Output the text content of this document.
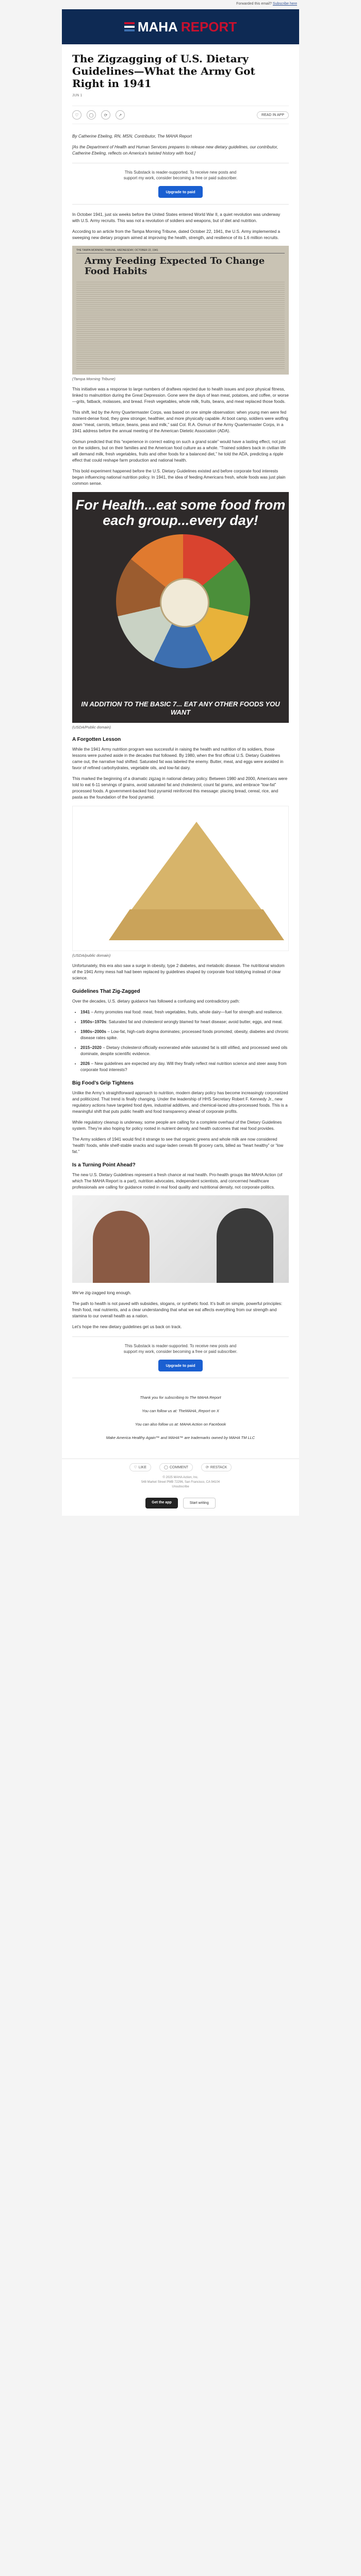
Forwarded this email? Subscribe here
MAHA REPORT
The Zigzagging of U.S. Dietary Guidelines—What the Army Got Right in 1941
JUN 1
♡	◯	⟳	↗	READ IN APP

By Catherine Ebeling, RN, MSN, Contributor, The MAHA Report

[As the Department of Health and Human Services prepares to release new dietary guidelines, our contributor, Catherine Ebeling, reflects on America's twisted history with food.]

This Substack is reader-supported. To receive new posts and support my work, consider becoming a free or paid subscriber.
Upgrade to paid

In October 1941, just six weeks before the United States entered World War II, a quiet revolution was underway with U.S. Army recruits. This was not a revolution of soldiers and weapons, but of diet and nutrition.

According to an article from the Tampa Morning Tribune, dated October 22, 1941, the U.S. Army implemented a sweeping new dietary program aimed at improving the health, strength, and resilience of its 1.6 million recruits.

THE TAMPA MORNING TRIBUNE, WEDNESDAY, OCTOBER 22, 1941
Army Feeding Expected To Change Food Habits
(Tampa Morning Tribune)

This initiative was a response to large numbers of draftees rejected due to health issues and poor physical fitness, linked to malnutrition during the Great Depression. Gone were the days of lean meat, potatoes, and coffee, or worse—grits, fatback, molasses, and bread. Fresh vegetables, whole milk, fruits, beans, and meat replaced those foods.

This shift, led by the Army Quartermaster Corps, was based on one simple observation: when young men were fed nutrient-dense food, they grew stronger, healthier, and more physically capable. At boot camp, soldiers were wolfing down “meat, carrots, lettuce, beans, peas and milk,” said Col. R.A. Osmun of the Army Quartermaster Corps, in a 1941 address before the annual meeting of the American Dietetic Association (ADA).

Osmun predicted that this “experience in correct eating on such a grand scale” would have a lasting effect, not just on the soldiers, but on their families and the American food culture as a whole. “Trained soldiers back in civilian life will demand milk, fresh vegetables, fruits and other foods for a balanced diet,” he told the ADA, predicting a ripple effect that could reshape farm production and national health.

This bold experiment happened before the U.S. Dietary Guidelines existed and before corporate food interests began influencing national nutrition policy. In 1941, the idea of feeding Americans fresh, whole foods was just plain common sense.

For Health...eat some food from each group...every day!
IN ADDITION TO THE BASIC 7... EAT ANY OTHER FOODS YOU WANT
(USDA/Public domain)
A Forgotten Lesson

While the 1941 Army nutrition program was successful in raising the health and nutrition of its soldiers, those lessons were pushed aside in the decades that followed. By 1980, when the first official U.S. Dietary Guidelines came out, the narrative had shifted. Saturated fat was labeled the enemy. Butter, meat, and eggs were avoided in favor of refined carbohydrates, vegetable oils, and low-fat dairy.

This marked the beginning of a dramatic zigzag in national dietary policy. Between 1980 and 2000, Americans were told to eat 6-11 servings of grains, avoid saturated fat and cholesterol, count fat grams, and embrace “low-fat” processed foods. A government-backed food pyramid reinforced this message: placing bread, cereal, rice, and pasta as the foundation of the food pyramid.

(USDA/public domain)

Unfortunately, this era also saw a surge in obesity, type 2 diabetes, and metabolic disease. The nutritional wisdom of the 1941 Army mess hall had been replaced by guidelines shaped by corporate food lobbying instead of clear science.

Guidelines That Zig-Zagged

Over the decades, U.S. dietary guidance has followed a confusing and contradictory path:

• 1941 – Army promotes real food: meat, fresh vegetables, fruits, whole dairy—fuel for strength and resilience.
• 1950s–1970s: Saturated fat and cholesterol wrongly blamed for heart disease; avoid butter, eggs, and meat.
• 1980s–2000s – Low-fat, high-carb dogma dominates; processed foods promoted; obesity, diabetes and chronic disease rates spike.
• 2015–2020 – Dietary cholesterol officially exonerated while saturated fat is still vilified, and processed seed oils dominate, despite scientific evidence.
• 2026 – New guidelines are expected any day. Will they finally reflect real nutrition science and steer away from corporate food interests?
Big Food’s Grip Tightens

Unlike the Army’s straightforward approach to nutrition, modern dietary policy has become increasingly corporatized and politicized. That trend is finally changing. Under the leadership of HHS Secretary Robert F. Kennedy Jr., new regulatory actions have targeted food dyes, industrial additives, and chemical-laced ultra-processed foods. This is a meaningful shift that puts public health and food transparency ahead of corporate profits.

While regulatory cleanup is underway, some people are calling for a complete overhaul of the Dietary Guidelines system. They’re also hoping for policy rooted in nutrient density and health outcomes that real food provides.

The Army soldiers of 1941 would find it strange to see that organic greens and whole milk are now considered ‘health’ foods, while shelf-stable snacks and sugar-laden cereals fill grocery carts, billed as “heart healthy” or “low fat.”

Is a Turning Point Ahead?

The new U.S. Dietary Guidelines represent a fresh chance at real health. Pro-health groups like MAHA Action (of which The MAHA Report is a part), nutrition advocates, independent scientists, and concerned healthcare professionals are calling for guidance rooted in real food quality and nutritional density, not corporate politics.

We’ve zig-zagged long enough.

The path to health is not paved with subsidies, slogans, or synthetic food. It’s built on simple, powerful principles: fresh food, real nutrients, and a clear understanding that what we eat affects everything from our strength and stamina to our overall health as a nation.

Let’s hope the new dietary guidelines get us back on track.

This Substack is reader-supported. To receive new posts and support my work, consider becoming a free or paid subscriber.
Upgrade to paid

Thank you for subscribing to The MAHA Report

You can follow us at: TheMAHA_Report on X

You can also follow us at: MAHA Action on Facebook

Make America Healthy Again™ and MAHA™ are trademarks owned by MAHA TM LLC

♡ LIKE	◯ COMMENT	⟳ RESTACK
© 2025 MAHA Action, Inc.
548 Market Street PMB 72296, San Francisco, CA 94104
Unsubscribe
Get the app	Start writing
